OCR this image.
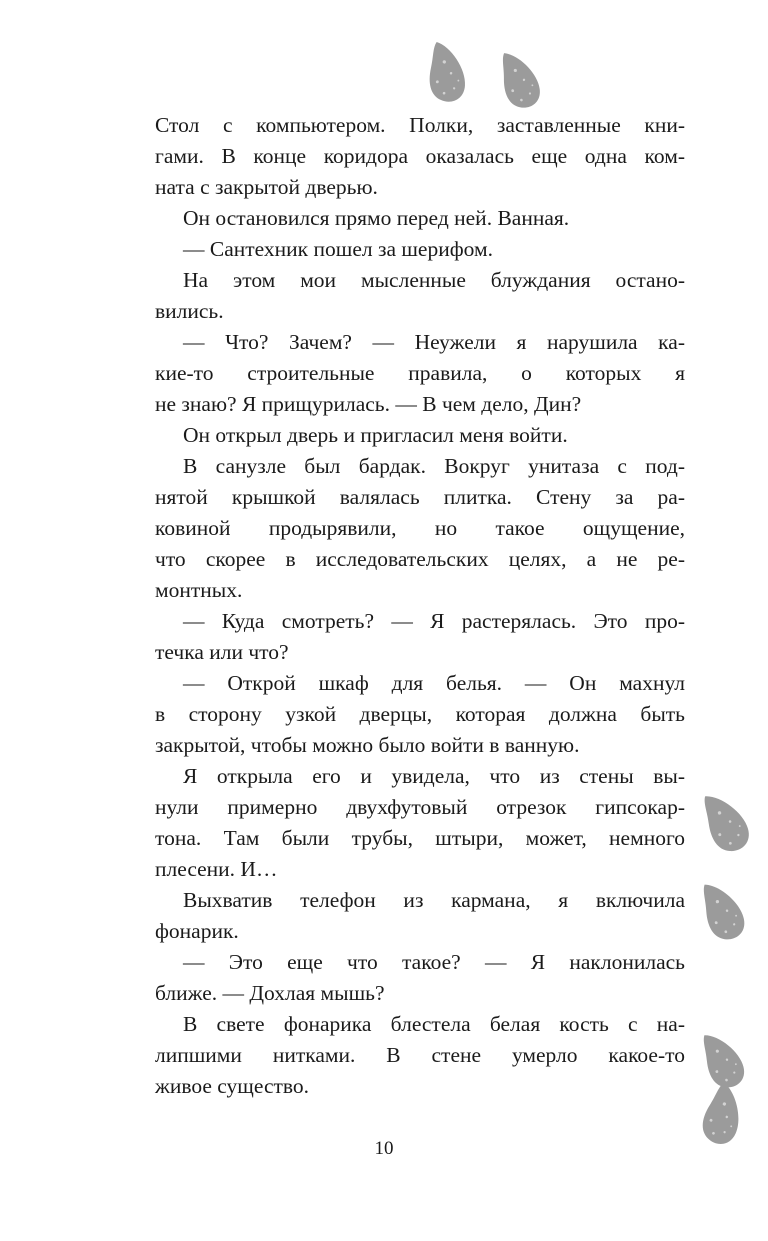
Стол с компьютером. Полки, заставленные кни-
гами. В конце коридора оказалась еще одна ком-
ната с закрытой дверью.
Он остановился прямо перед ней. Ванная.
— Сантехник пошел за шерифом.
На этом мои мысленные блуждания остано-
вились.
— Что? Зачем? — Неужели я нарушила ка-
кие-то строительные правила, о которых я
не знаю? Я прищурилась. — В чем дело, Дин?
Он открыл дверь и пригласил меня войти.
В санузле был бардак. Вокруг унитаза с под-
нятой крышкой валялась плитка. Стену за ра-
ковиной продырявили, но такое ощущение,
что скорее в исследовательских целях, а не ре-
монтных.
— Куда смотреть? — Я растерялась. Это про-
течка или что?
— Открой шкаф для белья. — Он махнул
в сторону узкой дверцы, которая должна быть
закрытой, чтобы можно было войти в ванную.
Я открыла его и увидела, что из стены вы-
нули примерно двухфутовый отрезок гипсокар-
тона. Там были трубы, штыри, может, немного
плесени. И…
Выхватив телефон из кармана, я включила
фонарик.
— Это еще что такое? — Я наклонилась
ближе. — Дохлая мышь?
В свете фонарика блестела белая кость с на-
липшими нитками. В стене умерло какое-то
живое существо.
10
